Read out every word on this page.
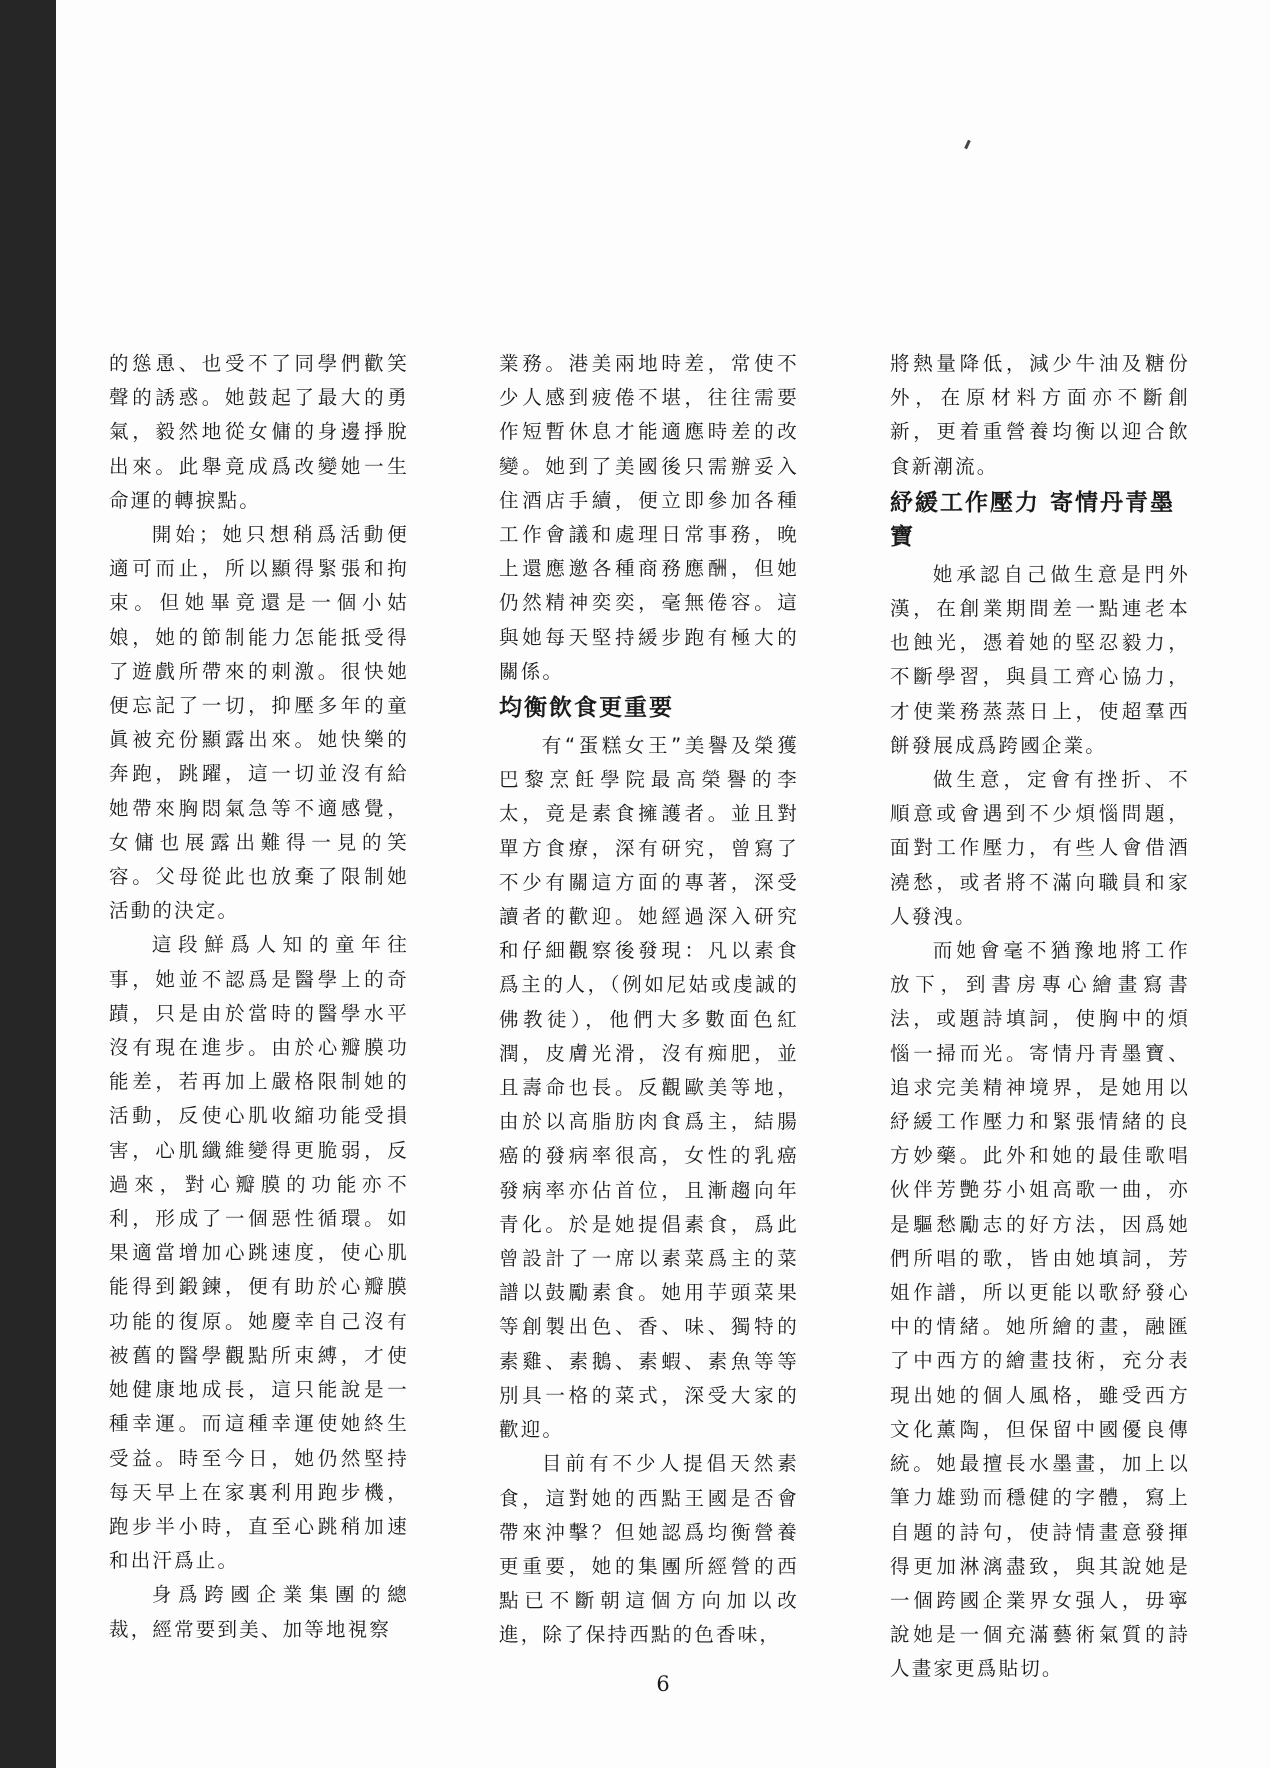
的慫恿、也受不了同學們歡笑聲的誘惑。她鼓起了最大的勇氣，毅然地從女傭的身邊掙脫出來。此舉竟成爲改變她一生命運的轉捩點。

開始；她只想稍爲活動便適可而止，所以顯得緊張和拘束。但她畢竟還是一個小姑娘，她的節制能力怎能抵受得了遊戲所帶來的刺激。很快她便忘記了一切，抑壓多年的童眞被充份顯露出來。她快樂的奔跑，跳躍，這一切並沒有給她帶來胸悶氣急等不適感覺，女傭也展露出難得一見的笑容。父母從此也放棄了限制她活動的決定。

這段鮮爲人知的童年往事，她並不認爲是醫學上的奇蹟，只是由於當時的醫學水平沒有現在進步。由於心瓣膜功能差，若再加上嚴格限制她的活動，反使心肌收縮功能受損害，心肌纖維變得更脆弱，反過來，對心瓣膜的功能亦不利，形成了一個惡性循環。如果適當增加心跳速度，使心肌能得到鍛鍊，便有助於心瓣膜功能的復原。她慶幸自己沒有被舊的醫學觀點所束縛，才使她健康地成長，這只能說是一種幸運。而這種幸運使她終生受益。時至今日，她仍然堅持每天早上在家裏利用跑步機，跑步半小時，直至心跳稍加速和出汗爲止。

身爲跨國企業集團的總裁，經常要到美、加等地視察

業務。港美兩地時差，常使不少人感到疲倦不堪，往往需要作短暫休息才能適應時差的改變。她到了美國後只需辦妥入住酒店手續，便立即參加各種工作會議和處理日常事務，晚上還應邀各種商務應酬，但她仍然精神奕奕，毫無倦容。這與她每天堅持緩步跑有極大的關係。

均衡飲食更重要

有“蛋糕女王”美譽及榮獲巴黎烹飪學院最高榮譽的李太，竟是素食擁護者。並且對單方食療，深有研究，曾寫了不少有關這方面的專著，深受讀者的歡迎。她經過深入研究和仔細觀察後發現：凡以素食爲主的人，（例如尼姑或虔誠的佛教徒），他們大多數面色紅潤，皮膚光滑，沒有痴肥，並且壽命也長。反觀歐美等地，由於以高脂肪肉食爲主，結腸癌的發病率很高，女性的乳癌發病率亦佔首位，且漸趨向年青化。於是她提倡素食，爲此曾設計了一席以素菜爲主的菜譜以鼓勵素食。她用芋頭菜果等創製出色、香、味、獨特的素雞、素鵝、素蝦、素魚等等別具一格的菜式，深受大家的歡迎。

目前有不少人提倡天然素食，這對她的西點王國是否會帶來沖擊？但她認爲均衡營養更重要，她的集團所經營的西點已不斷朝這個方向加以改進，除了保持西點的色香味，

將熱量降低，減少牛油及糖份外，在原材料方面亦不斷創新，更着重營養均衡以迎合飲食新潮流。

紓緩工作壓力 寄情丹青墨寶

她承認自己做生意是門外漢，在創業期間差一點連老本也蝕光，憑着她的堅忍毅力，不斷學習，與員工齊心協力，才使業務蒸蒸日上，使超羣西餅發展成爲跨國企業。

做生意，定會有挫折、不順意或會遇到不少煩惱問題，面對工作壓力，有些人會借酒澆愁，或者將不滿向職員和家人發洩。

而她會毫不猶豫地將工作放下，到書房專心繪畫寫書法，或題詩填詞，使胸中的煩惱一掃而光。寄情丹青墨寶、追求完美精神境界，是她用以紓緩工作壓力和緊張情緒的良方妙藥。此外和她的最佳歌唱伙伴芳艷芬小姐高歌一曲，亦是驅愁勵志的好方法，因爲她們所唱的歌，皆由她填詞，芳姐作譜，所以更能以歌紓發心中的情緒。她所繪的畫，融匯了中西方的繪畫技術，充分表現出她的個人風格，雖受西方文化薰陶，但保留中國優良傳統。她最擅長水墨畫，加上以筆力雄勁而穩健的字體，寫上自題的詩句，使詩情畫意發揮得更加淋漓盡致，與其說她是一個跨國企業界女强人，毋寧說她是一個充滿藝術氣質的詩人畫家更爲貼切。

6
